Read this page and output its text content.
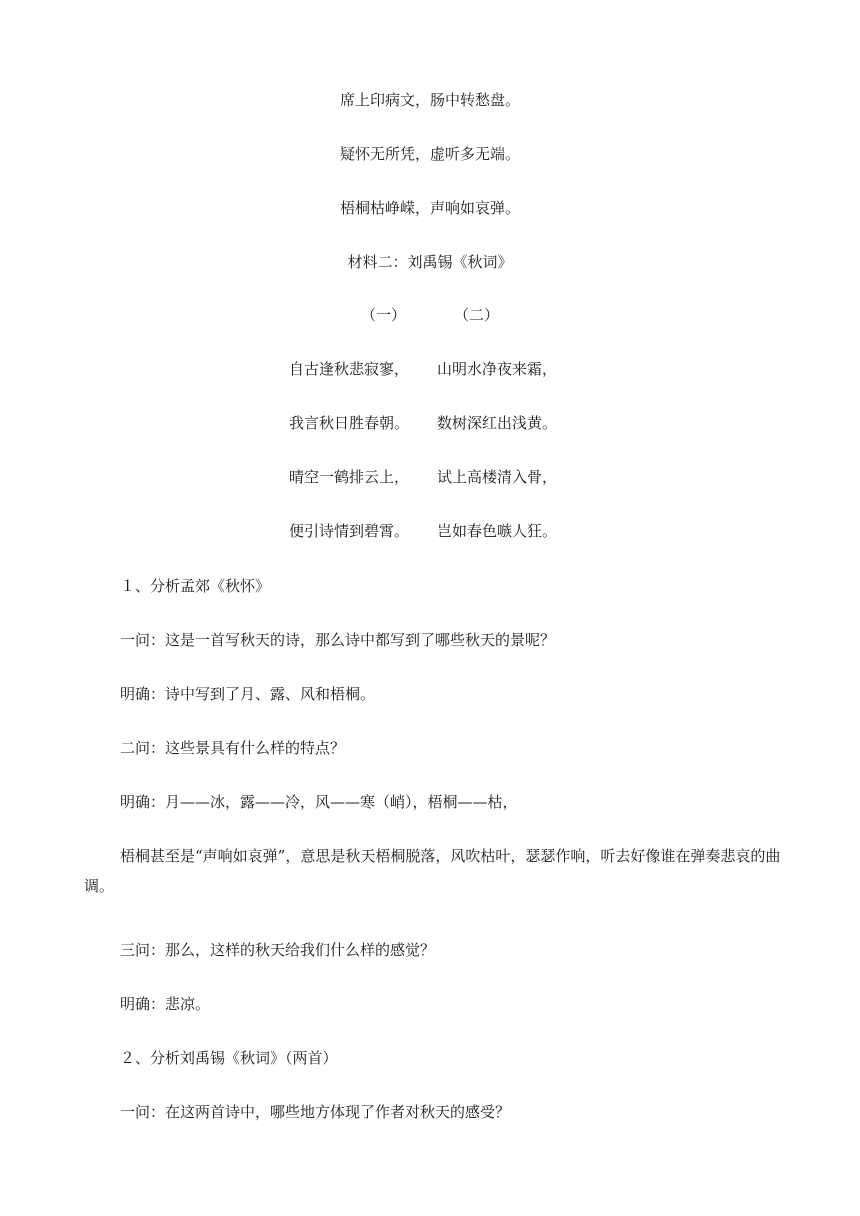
席上印病文，肠中转愁盘。
疑怀无所凭，虚听多无端。
梧桐枯峥嵘，声响如哀弹。
材料二：刘禹锡《秋词》
（一）	（二）
自古逢秋悲寂寥，	山明水净夜来霜，
我言秋日胜春朝。	数树深红出浅黄。
晴空一鹤排云上，	试上高楼清入骨，
便引诗情到碧霄。	岂如春色嗾人狂。
１、分析孟郊《秋怀》
一问：这是一首写秋天的诗，那么诗中都写到了哪些秋天的景呢？
明确：诗中写到了月、露、风和梧桐。
二问：这些景具有什么样的特点？
明确：月——冰，露——冷，风——寒（峭），梧桐——枯，
梧桐甚至是“声响如哀弹”，意思是秋天梧桐脱落，风吹枯叶，瑟瑟作响，听去好像谁在弹奏悲哀的曲调。
三问：那么，这样的秋天给我们什么样的感觉？
明确：悲凉。
２、分析刘禹锡《秋词》（两首）
一问：在这两首诗中，哪些地方体现了作者对秋天的感受？
